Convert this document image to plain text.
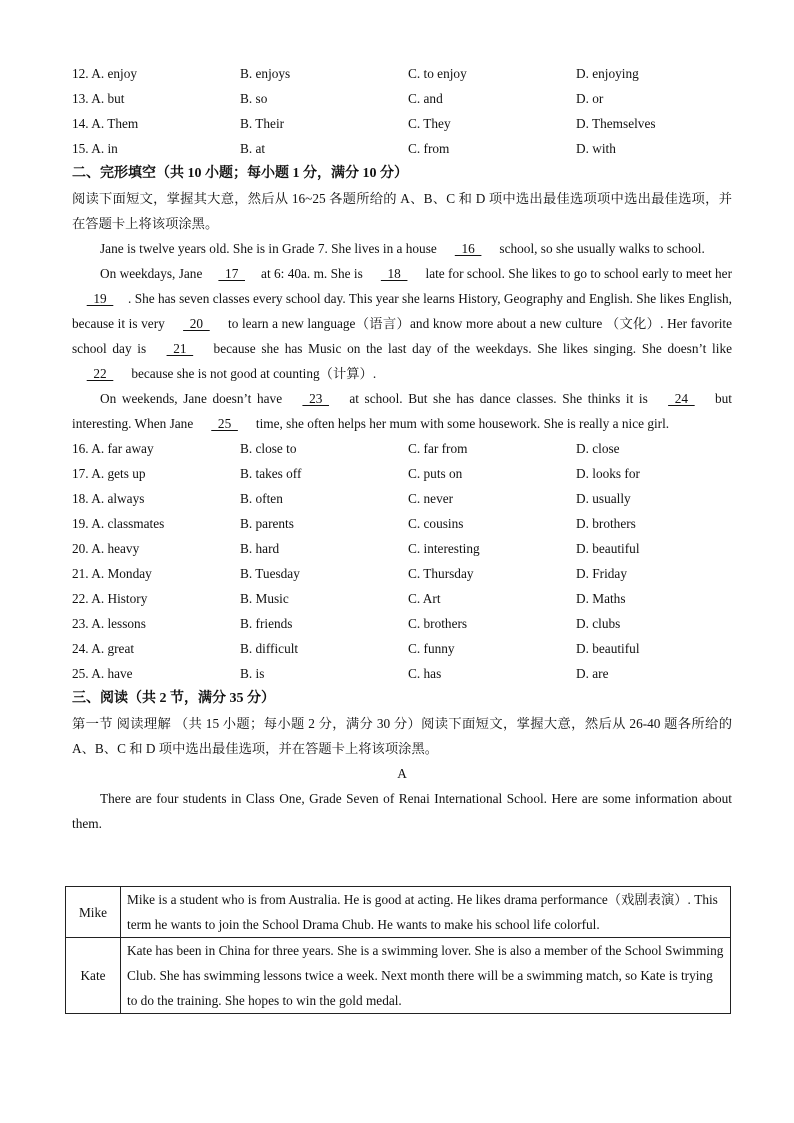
12. A. enjoy	B. enjoys	C. to enjoy	D. enjoying
13. A. but	B. so	C. and	D. or
14. A. Them	B. Their	C. They	D. Themselves
15. A. in	B. at	C. from	D. with
二、完形填空（共 10 小题；每小题 1 分，满分 10 分）

阅读下面短文，掌握其大意，然后从 16~25 各题所给的 A、B、C 和 D 项中选出最佳选项项中选出最佳选项，并在答题卡上将该项涂黑。

Jane is twelve years old. She is in Grade 7. She lives in a house   16   school, so she usually walks to school.

On weekdays, Jane   17   at 6: 40a. m. She is   18   late for school. She likes to go to school early to meet her   19  . She has seven classes every school day. This year she learns History, Geography and English. She likes English, because it is very   20   to learn a new language（语言）and know more about a new culture （文化）. Her favorite school day is   21   because she has Music on the last day of the weekdays. She likes singing. She doesn’t like  22   because she is not good at counting（计算）.

On weekends, Jane doesn’t have   23   at school. But she has dance classes. She thinks it is   24   but interesting. When Jane   25   time, she often helps her mum with some housework. She is really a nice girl.

16. A. far away	B. close to	C. far from	D. close
17. A. gets up	B. takes off	C. puts on	D. looks for
18. A. always	B. often	C. never	D. usually
19. A. classmates	B. parents	C. cousins	D. brothers
20. A. heavy	B. hard	C. interesting	D. beautiful
21. A. Monday	B. Tuesday	C. Thursday	D. Friday
22. A. History	B. Music	C. Art	D. Maths
23. A. lessons	B. friends	C. brothers	D. clubs
24. A. great	B. difficult	C. funny	D. beautiful
25. A. have	B. is	C. has	D. are
三、阅读（共 2 节，满分 35 分）

第一节 阅读理解 （共 15 小题；每小题 2 分，满分 30 分）阅读下面短文，掌握大意，然后从 26-40 题各所给的 A、B、C 和 D 项中选出最佳选项，并在答题卡上将该项涂黑。

A

There are four students in Class One, Grade Seven of Renai International School. Here are some information about them.

Mike	Mike is a student who is from Australia. He is good at acting. He likes drama performance（戏剧表演）. This term he wants to join the School Drama Chub. He wants to make his school life colorful.
Kate	Kate has been in China for three years. She is a swimming lover. She is also a member of the School Swimming Club. She has swimming lessons twice a week. Next month there will be a swimming match, so Kate is trying to do the training. She hopes to win the gold medal.
